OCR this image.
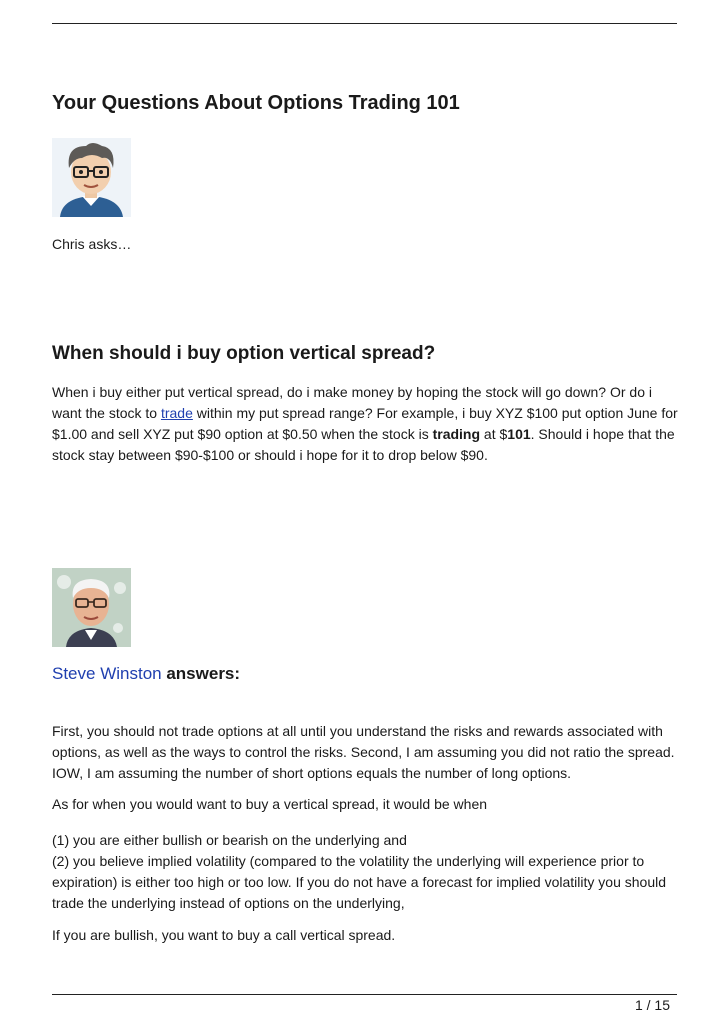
Your Questions About Options Trading 101

Chris asks…

When should i buy option vertical spread?

When i buy either put vertical spread, do i make money by hoping the stock will go down? Or do i want the stock to trade within my put spread range? For example, i buy XYZ $100 put option June for $1.00 and sell XYZ put $90 option at $0.50 when the stock is trading at $101. Should i hope that the stock stay between $90-$100 or should i hope for it to drop below $90.

Steve Winston answers:

First, you should not trade options at all until you understand the risks and rewards associated with options, as well as the ways to control the risks. Second, I am assuming you did not ratio the spread. IOW, I am assuming the number of short options equals the number of long options.

As for when you would want to buy a vertical spread, it would be when

(1) you are either bullish or bearish on the underlying and
(2) you believe implied volatility (compared to the volatility the underlying will experience prior to expiration) is either too high or too low. If you do not have a forecast for implied volatility you should trade the underlying instead of options on the underlying,

If you are bullish, you want to buy a call vertical spread.

1 / 15
